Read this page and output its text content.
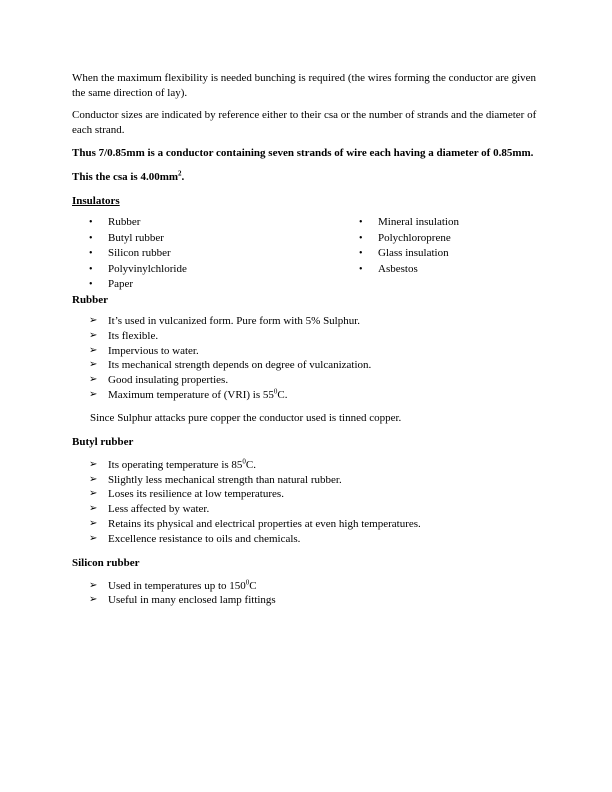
When the maximum flexibility is needed bunching is required (the wires forming the conductor are given the same direction of lay).

Conductor sizes are indicated by reference either to their csa or the number of strands and the diameter of each strand.

Thus 7/0.85mm is a conductor containing seven strands of wire each having a diameter of 0.85mm.

This the csa is $4.00mm^2$.

Insulators

• Rubber
• Butyl rubber
• Silicon rubber
• Polyvinylchloride
• Paper
• Mineral insulation
• Polychloroprene
• Glass insulation
• Asbestos

Rubber

➢ It’s used in vulcanized form. Pure form with 5% Sulphur.
➢ Its flexible.
➢ Impervious to water.
➢ Its mechanical strength depends on degree of vulcanization.
➢ Good insulating properties.
➢ Maximum temperature of (VRI) is $55^0C$.

Since Sulphur attacks pure copper the conductor used is tinned copper.

Butyl rubber

➢ Its operating temperature is $85^0C$.
➢ Slightly less mechanical strength than natural rubber.
➢ Loses its resilience at low temperatures.
➢ Less affected by water.
➢ Retains its physical and electrical properties at even high temperatures.
➢ Excellence resistance to oils and chemicals.

Silicon rubber

➢ Used in temperatures up to $150^0C$
➢ Useful in many enclosed lamp fittings
